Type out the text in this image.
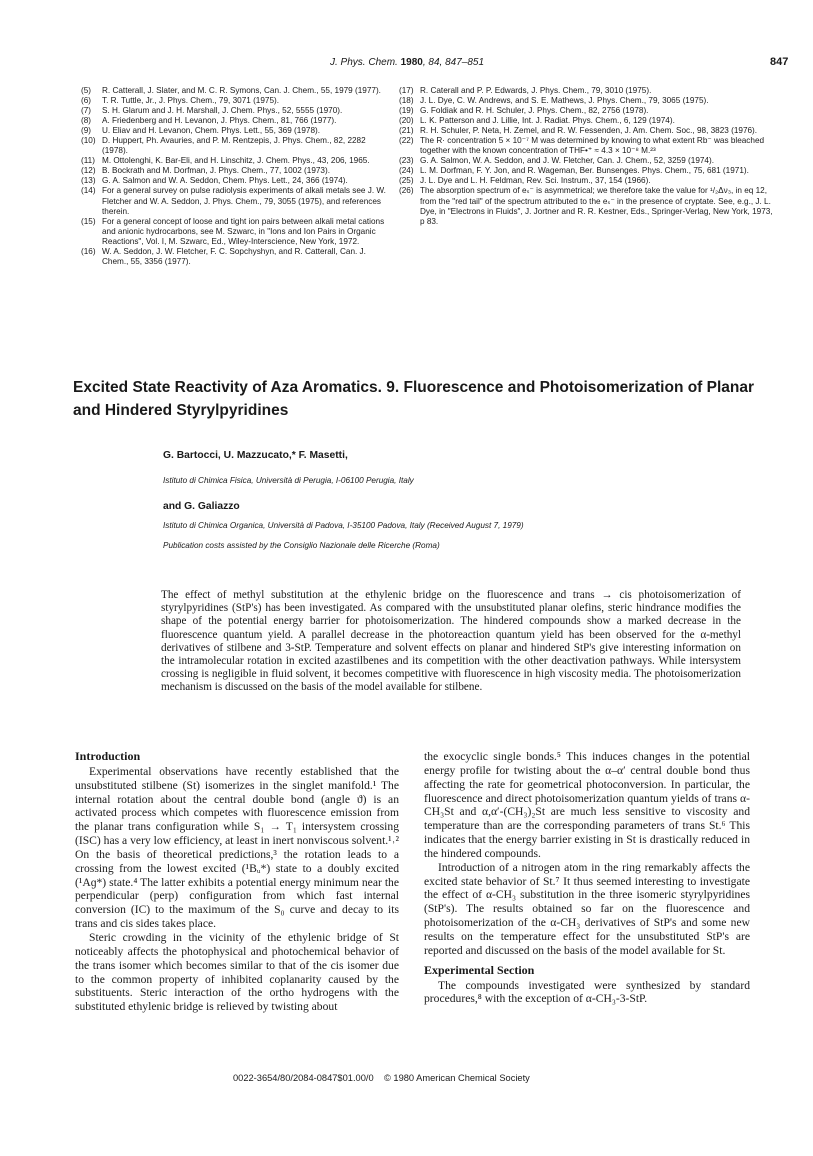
J. Phys. Chem. 1980, 84, 847–851	847
(5) R. Catterall, J. Slater, and M. C. R. Symons, Can. J. Chem., 55, 1979 (1977).
(6) T. R. Tuttle, Jr., J. Phys. Chem., 79, 3071 (1975).
(7) S. H. Glarum and J. H. Marshall, J. Chem. Phys., 52, 5555 (1970).
(8) A. Friedenberg and H. Levanon, J. Phys. Chem., 81, 766 (1977).
(9) U. Eliav and H. Levanon, Chem. Phys. Lett., 55, 369 (1978).
(10) D. Huppert, Ph. Avauries, and P. M. Rentzepis, J. Phys. Chem., 82, 2282 (1978).
(11) M. Ottolenghi, K. Bar-Eli, and H. Linschitz, J. Chem. Phys., 43, 206, 1965.
(12) B. Bockrath and M. Dorfman, J. Phys. Chem., 77, 1002 (1973).
(13) G. A. Salmon and W. A. Seddon, Chem. Phys. Lett., 24, 366 (1974).
(14) For a general survey on pulse radiolysis experiments of alkali metals see J. W. Fletcher and W. A. Seddon, J. Phys. Chem., 79, 3055 (1975), and references therein.
(15) For a general concept of loose and tight ion pairs between alkali metal cations and anionic hydrocarbons, see M. Szwarc, in "Ions and Ion Pairs in Organic Reactions", Vol. I, M. Szwarc, Ed., Wiley-Interscience, New York, 1972.
(16) W. A. Seddon, J. W. Fletcher, F. C. Sopchyshyn, and R. Catterall, Can. J. Chem., 55, 3356 (1977).
(17) R. Caterall and P. P. Edwards, J. Phys. Chem., 79, 3010 (1975).
(18) J. L. Dye, C. W. Andrews, and S. E. Mathews, J. Phys. Chem., 79, 3065 (1975).
(19) G. Foldiak and R. H. Schuler, J. Phys. Chem., 82, 2756 (1978).
(20) L. K. Patterson and J. Lillie, Int. J. Radiat. Phys. Chem., 6, 129 (1974).
(21) R. H. Schuler, P. Neta, H. Zemel, and R. W. Fessenden, J. Am. Chem. Soc., 98, 3823 (1976).
(22) The R· concentration 5 × 10⁻⁷ M was determined by knowing to what extent Rb⁻ was bleached together with the known concentration of THF•⁺ ≈ 4.3 × 10⁻⁸ M.²³
(23) G. A. Salmon, W. A. Seddon, and J. W. Fletcher, Can. J. Chem., 52, 3259 (1974).
(24) L. M. Dorfman, F. Y. Jon, and R. Wageman, Ber. Bunsenges. Phys. Chem., 75, 681 (1971).
(25) J. L. Dye and L. H. Feldman, Rev. Sci. Instrum., 37, 154 (1966).
(26) The absorption spectrum of eₛ⁻ is asymmetrical; we therefore take the value for ¹/₂Δν₃, in eq 12, from the "red tail" of the spectrum attributed to the eₛ⁻ in the presence of cryptate. See, e.g., J. L. Dye, in "Electrons in Fluids", J. Jortner and R. R. Kestner, Eds., Springer-Verlag, New York, 1973, p 83.
Excited State Reactivity of Aza Aromatics. 9. Fluorescence and Photoisomerization of Planar and Hindered Styrylpyridines
G. Bartocci, U. Mazzucato,* F. Masetti,
Istituto di Chimica Fisica, Università di Perugia, I-06100 Perugia, Italy
and G. Galiazzo
Istituto di Chimica Organica, Università di Padova, I-35100 Padova, Italy (Received August 7, 1979)
Publication costs assisted by the Consiglio Nazionale delle Ricerche (Roma)
The effect of methyl substitution at the ethylenic bridge on the fluorescence and trans → cis photoisomerization of styrylpyridines (StP's) has been investigated. As compared with the unsubstituted planar olefins, steric hindrance modifies the shape of the potential energy barrier for photoisomerization. The hindered compounds show a marked decrease in the fluorescence quantum yield. A parallel decrease in the photoreaction quantum yield has been observed for the α-methyl derivatives of stilbene and 3-StP. Temperature and solvent effects on planar and hindered StP's give interesting information on the intramolecular rotation in excited azastilbenes and its competition with the other deactivation pathways. While intersystem crossing is negligible in fluid solvent, it becomes competitive with fluorescence in high viscosity media. The photoisomerization mechanism is discussed on the basis of the model available for stilbene.
Introduction

Experimental observations have recently established that the unsubstituted stilbene (St) isomerizes in the singlet manifold.¹ The internal rotation about the central double bond (angle ϑ) is an activated process which competes with fluorescence emission from the planar trans configuration while S₁ → T₁ intersystem crossing (ISC) has a very low efficiency, at least in inert nonviscous solvent.¹˒² On the basis of theoretical predictions,³ the rotation leads to a crossing from the lowest excited (¹Bᵤ*) state to a doubly excited (¹Aɡ*) state.⁴ The latter exhibits a potential energy minimum near the perpendicular (perp) configuration from which fast internal conversion (IC) to the maximum of the S₀ curve and decay to its trans and cis sides takes place.

Steric crowding in the vicinity of the ethylenic bridge of St noticeably affects the photophysical and photochemical behavior of the trans isomer which becomes similar to that of the cis isomer due to the common property of inhibited coplanarity caused by the substituents. Steric interaction of the ortho hydrogens with the substituted ethylenic bridge is relieved by twisting about

the exocyclic single bonds.⁵ This induces changes in the potential energy profile for twisting about the α–α′ central double bond thus affecting the rate for geometrical photoconversion. In particular, the fluorescence and direct photoisomerization quantum yields of trans α-CH₃St and α,α′-(CH₃)₂St are much less sensitive to viscosity and temperature than are the corresponding parameters of trans St.⁶ This indicates that the energy barrier existing in St is drastically reduced in the hindered compounds.

Introduction of a nitrogen atom in the ring remarkably affects the excited state behavior of St.⁷ It thus seemed interesting to investigate the effect of α-CH₃ substitution in the three isomeric styrylpyridines (StP's). The results obtained so far on the fluorescence and photoisomerization of the α-CH₃ derivatives of StP's and some new results on the temperature effect for the unsubstituted StP's are reported and discussed on the basis of the model available for St.

Experimental Section

The compounds investigated were synthesized by standard procedures,⁸ with the exception of α-CH₃-3-StP.

0022-3654/80/2084-0847$01.00/0 © 1980 American Chemical Society
